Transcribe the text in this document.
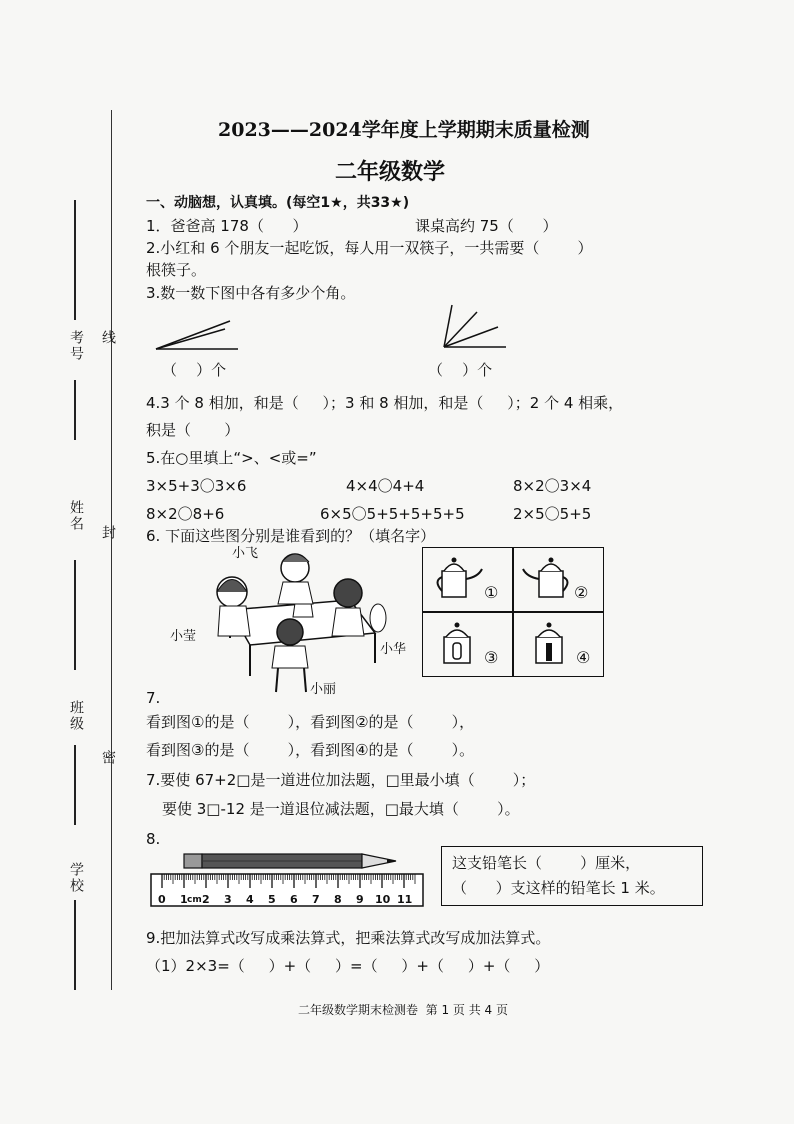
考号 线
姓名
封
班级
密
学校
2023——2024学年度上学期期末质量检测
二年级数学
一、动脑想，认真填。(每空1★，共33★)
1．爸爸高 178（      ）	课桌高约 75（      ）
2.小红和 6 个朋友一起吃饭，每人用一双筷子，一共需要（        ）
根筷子。
3.数一数下图中各有多少个角。
（    ）个	（    ）个
4.3 个 8 相加，和是（     ）；3 和 8 相加，和是（     ）；2 个 4 相乘，
积是（       ）
5.在○里填上“>、<或=”
3×5+3〇3×6	4×4〇4+4	8×2〇3×4
8×2〇8+6	6×5〇5+5+5+5+5	2×5〇5+5
6. 下面这些图分别是谁看到的？（填名字）
小飞
小莹
小华
小丽
①	②
③	④
7.
看到图①的是（        ），看到图②的是（        ），
看到图③的是（        ），看到图④的是（        ）。
7.要使 67+2□是一道进位加法题，□里最小填（        ）；
要使 3□-12 是一道退位减法题，□最大填（        ）。
8.
0 1 cm 2 3 4 5 6 7 8 9 10 11
这支铅笔长（        ）厘米，
（      ）支这样的铅笔长 1 米。
9.把加法算式改写成乘法算式，把乘法算式改写成加法算式。
（1）2×3=（     ）+（     ）=（     ）+（     ）+（     ）
二年级数学期末检测卷  第 1 页 共 4 页
